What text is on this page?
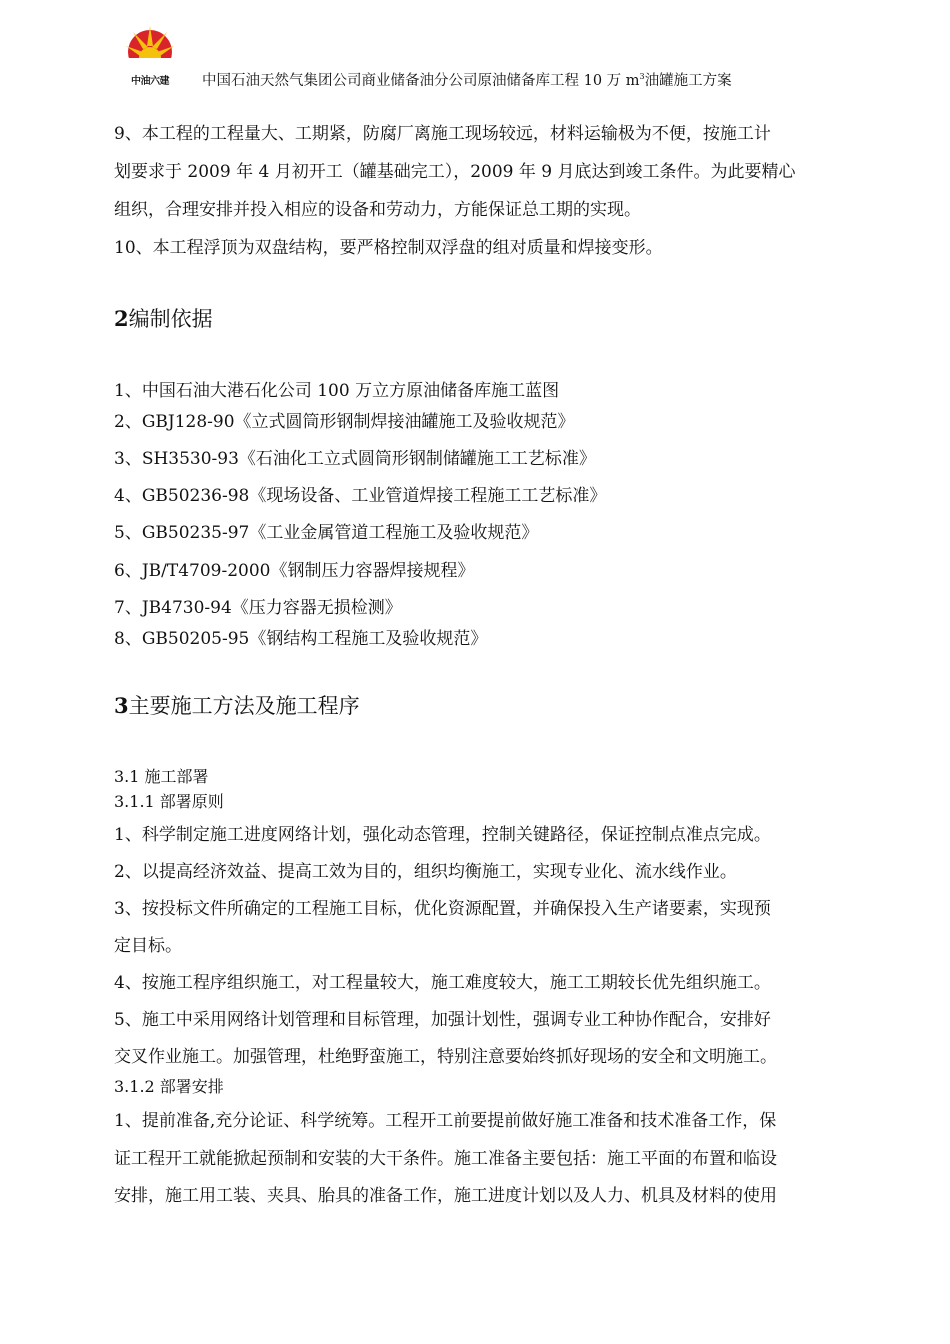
中油六建	中国石油天然气集团公司商业储备油分公司原油储备库工程 10 万 $m^3$油罐施工方案
9、本工程的工程量大、工期紧，防腐厂离施工现场较远，材料运输极为不便，按施工计
划要求于 2009 年 4 月初开工（罐基础完工），2009 年 9 月底达到竣工条件。为此要精心
组织，合理安排并投入相应的设备和劳动力，方能保证总工期的实现。
10、本工程浮顶为双盘结构，要严格控制双浮盘的组对质量和焊接变形。
2编制依据
1、中国石油大港石化公司 100 万立方原油储备库施工蓝图
2、GBJ128-90《立式圆筒形钢制焊接油罐施工及验收规范》
3、SH3530-93《石油化工立式圆筒形钢制储罐施工工艺标准》
4、GB50236-98《现场设备、工业管道焊接工程施工工艺标准》
5、GB50235-97《工业金属管道工程施工及验收规范》
6、JB/T4709-2000《钢制压力容器焊接规程》
7、JB4730-94《压力容器无损检测》
8、GB50205-95《钢结构工程施工及验收规范》
3主要施工方法及施工程序
3.1 施工部署
3.1.1 部署原则
1、科学制定施工进度网络计划，强化动态管理，控制关键路径，保证控制点准点完成。
2、以提高经济效益、提高工效为目的，组织均衡施工，实现专业化、流水线作业。
3、按投标文件所确定的工程施工目标，优化资源配置，并确保投入生产诸要素，实现预
定目标。
4、按施工程序组织施工，对工程量较大，施工难度较大，施工工期较长优先组织施工。
5、施工中采用网络计划管理和目标管理，加强计划性，强调专业工种协作配合，安排好
交叉作业施工。加强管理，杜绝野蛮施工，特别注意要始终抓好现场的安全和文明施工。
3.1.2 部署安排
1、提前准备,充分论证、科学统筹。工程开工前要提前做好施工准备和技术准备工作，保
证工程开工就能掀起预制和安装的大干条件。施工准备主要包括：施工平面的布置和临设
安排，施工用工装、夹具、胎具的准备工作，施工进度计划以及人力、机具及材料的使用
